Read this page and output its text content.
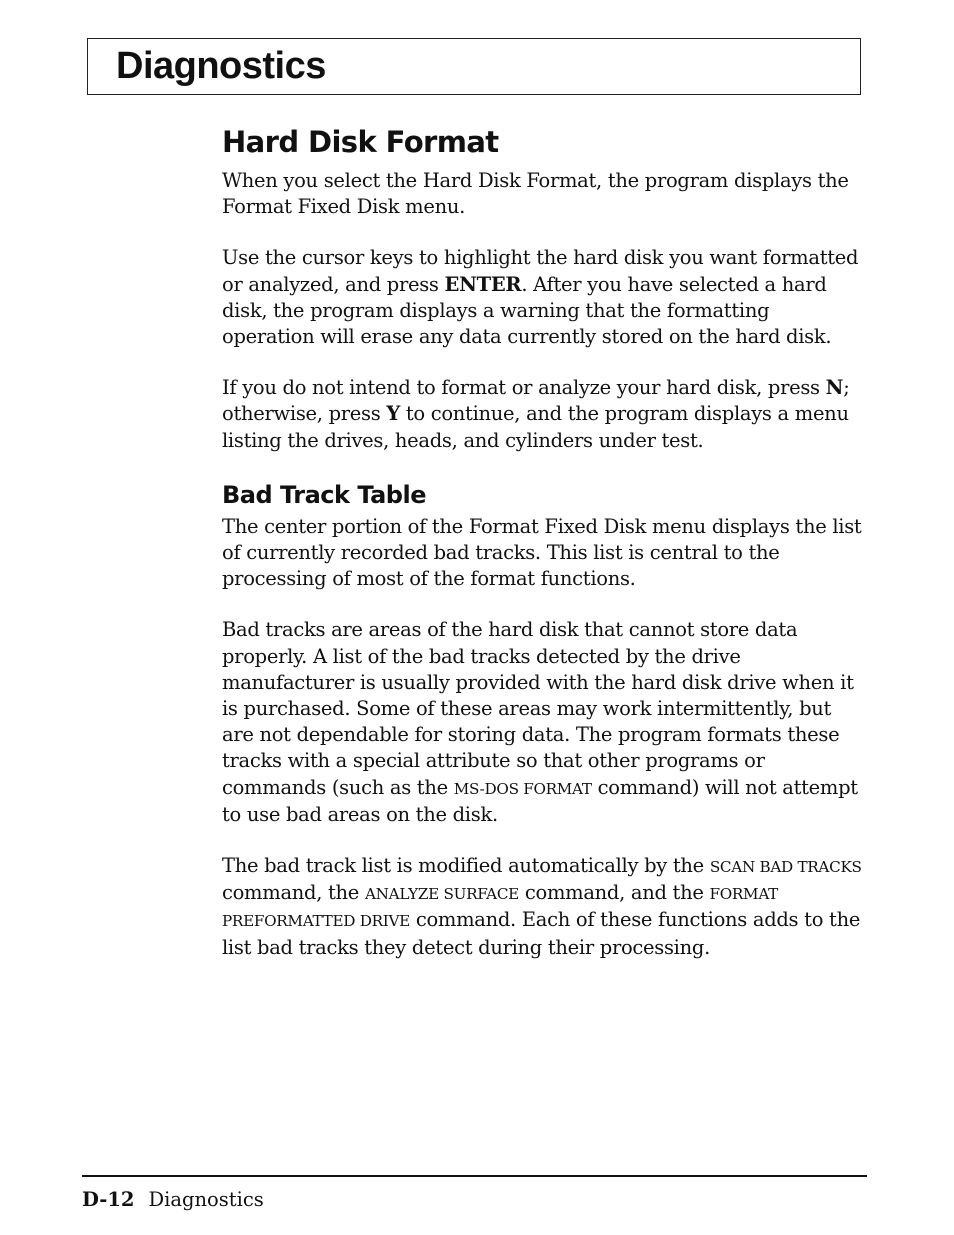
Diagnostics
Hard Disk Format

When you select the Hard Disk Format, the program displays the Format Fixed Disk menu.

Use the cursor keys to highlight the hard disk you want formatted or analyzed, and press ENTER. After you have selected a hard disk, the program displays a warning that the formatting operation will erase any data currently stored on the hard disk.

If you do not intend to format or analyze your hard disk, press N; otherwise, press Y to continue, and the program displays a menu listing the drives, heads, and cylinders under test.

Bad Track Table

The center portion of the Format Fixed Disk menu displays the list of currently recorded bad tracks. This list is central to the processing of most of the format functions.

Bad tracks are areas of the hard disk that cannot store data properly. A list of the bad tracks detected by the drive manufacturer is usually provided with the hard disk drive when it is purchased. Some of these areas may work intermittently, but are not dependable for storing data. The program formats these tracks with a special attribute so that other programs or commands (such as the MS-DOS FORMAT command) will not attempt to use bad areas on the disk.

The bad track list is modified automatically by the SCAN BAD TRACKS command, the ANALYZE SURFACE command, and the FORMAT PREFORMATTED DRIVE command. Each of these functions adds to the list bad tracks they detect during their processing.

D-12 Diagnostics
